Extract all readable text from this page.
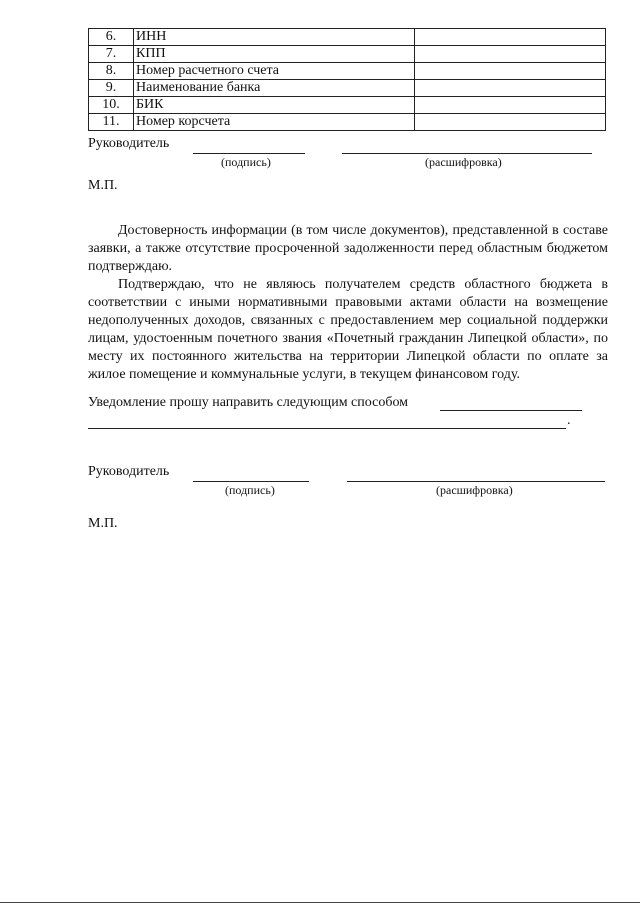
6.	ИНН	
7.	КПП	
8.	Номер расчетного счета	
9.	Наименование банка	
10.	БИК	
11.	Номер корсчета	
Руководитель
(подпись)	(расшифровка)
М.П.
Достоверность информации (в том числе документов), представленной в составе заявки, а также отсутствие просроченной задолженности перед областным бюджетом подтверждаю.
Подтверждаю, что не являюсь получателем средств областного бюджета в соответствии с иными нормативными правовыми актами области на возмещение недополученных доходов, связанных с предоставлением мер социальной поддержки лицам, удостоенным почетного звания «Почетный гражданин Липецкой области», по месту их постоянного жительства на территории Липецкой области по оплате за жилое помещение и коммунальные услуги, в текущем финансовом году.
Уведомление прошу направить следующим способом
.
Руководитель
(подпись)	(расшифровка)
М.П.
